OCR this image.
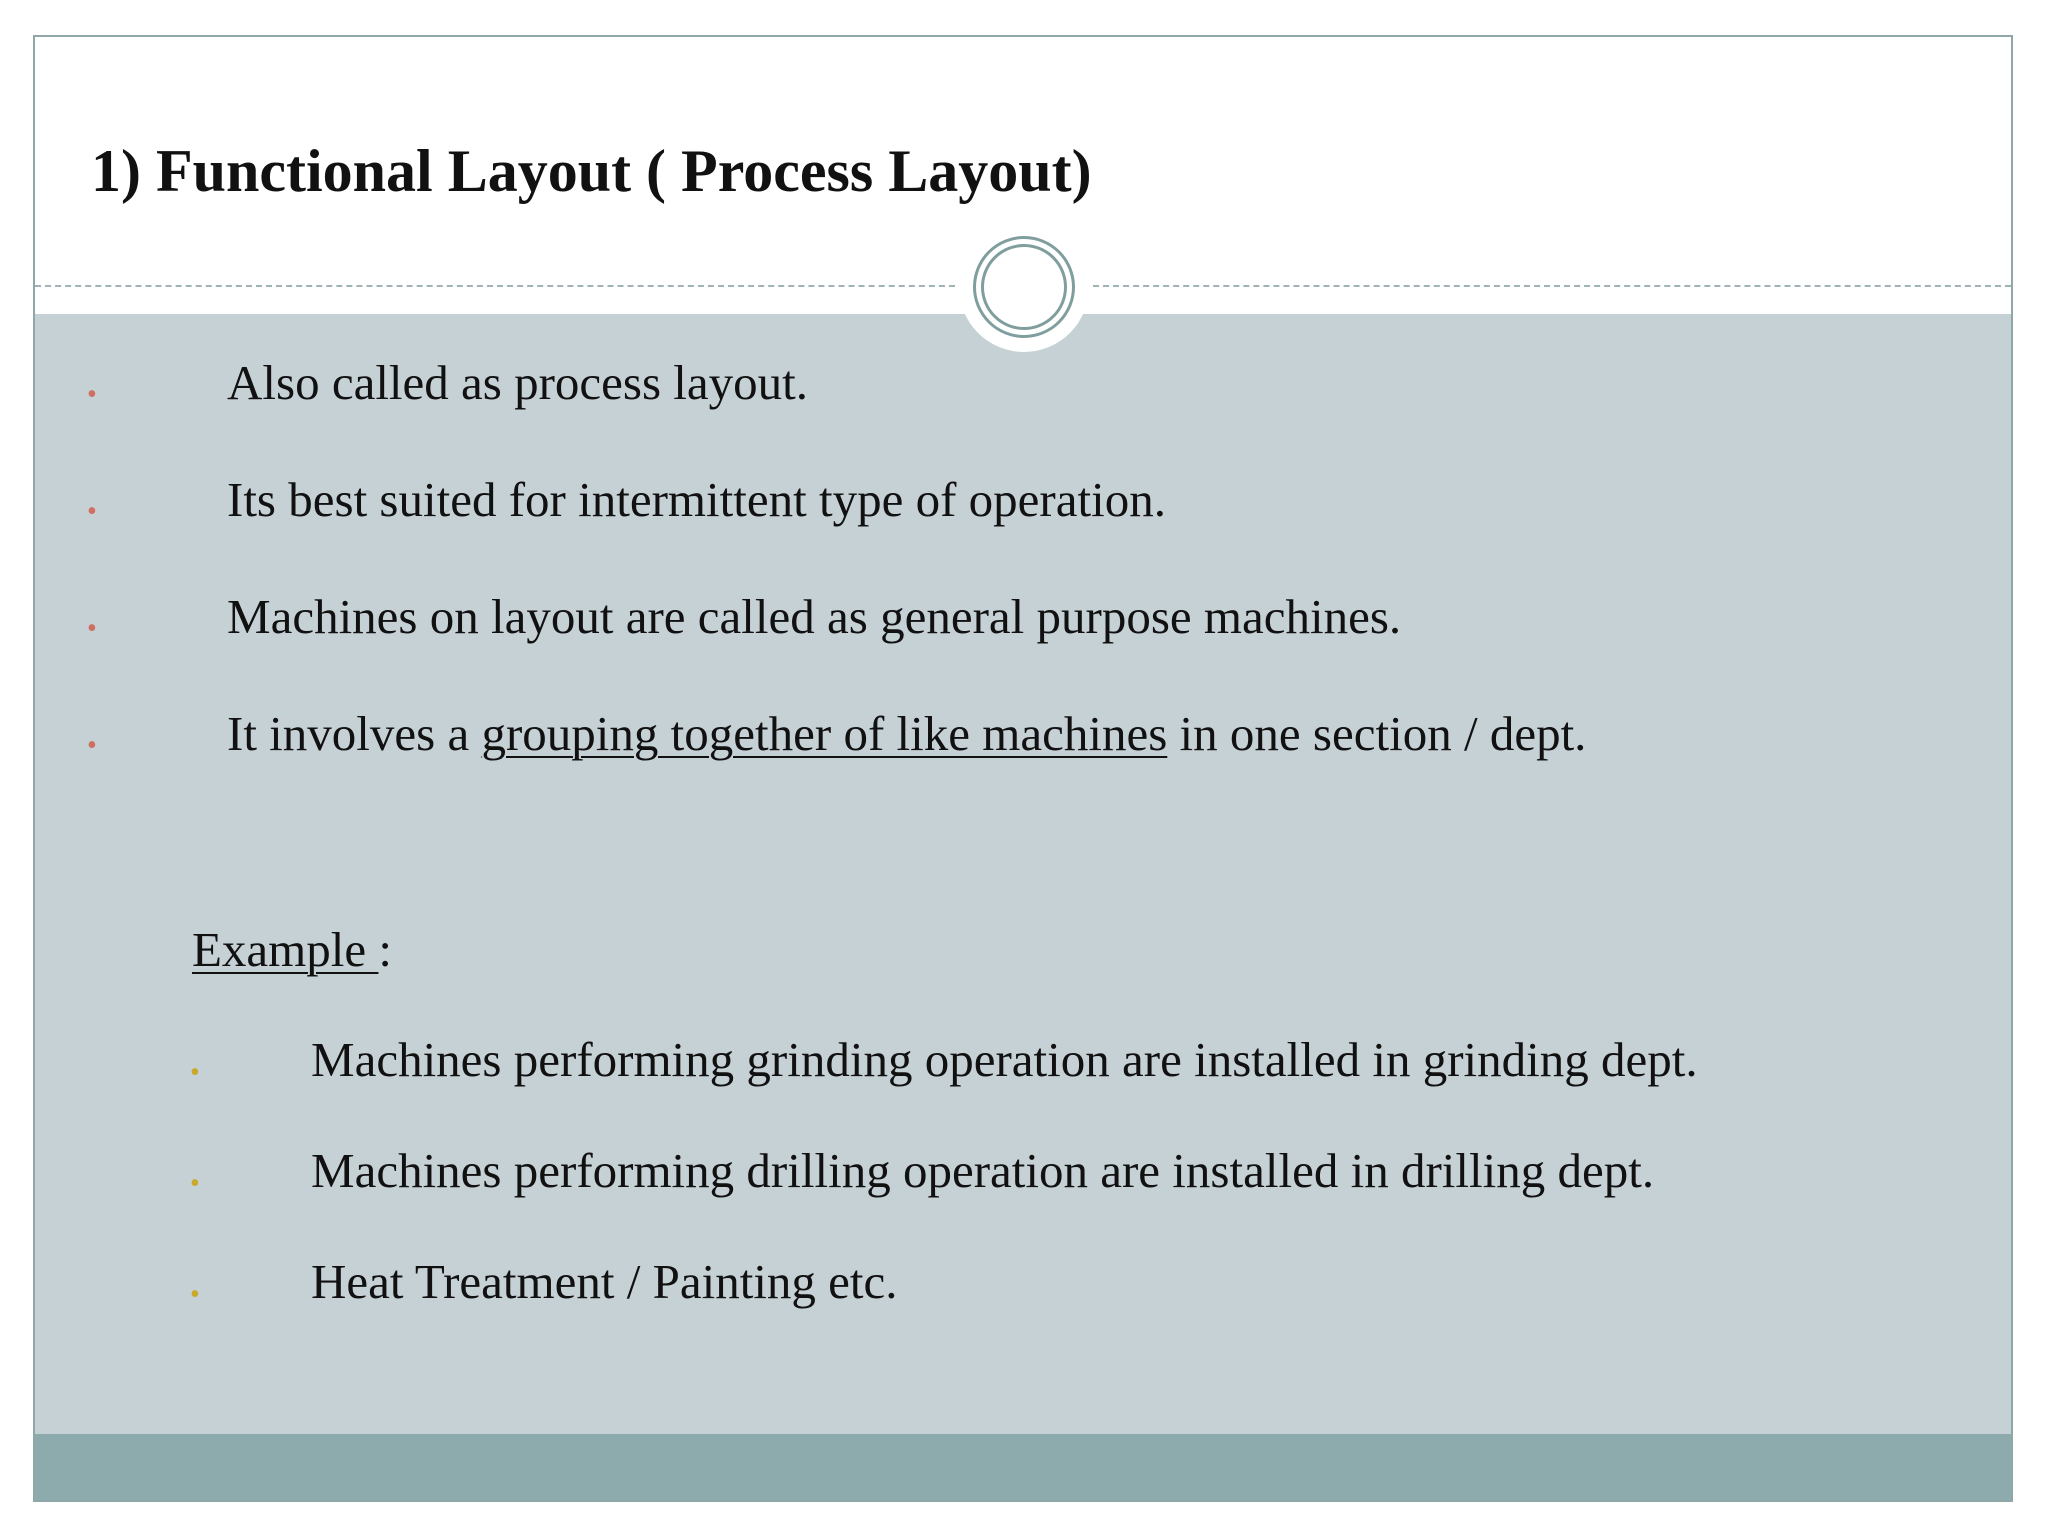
1) Functional Layout ( Process Layout)
•	Also called as process layout.
•	Its best suited for intermittent type of operation.
•	Machines on layout are called as general purpose machines.
•	It involves a grouping together of like machines in one section / dept.
Example :
• Machines performing grinding operation are installed in grinding dept.
• Machines performing drilling operation are installed in drilling dept.
• Heat Treatment / Painting etc.
